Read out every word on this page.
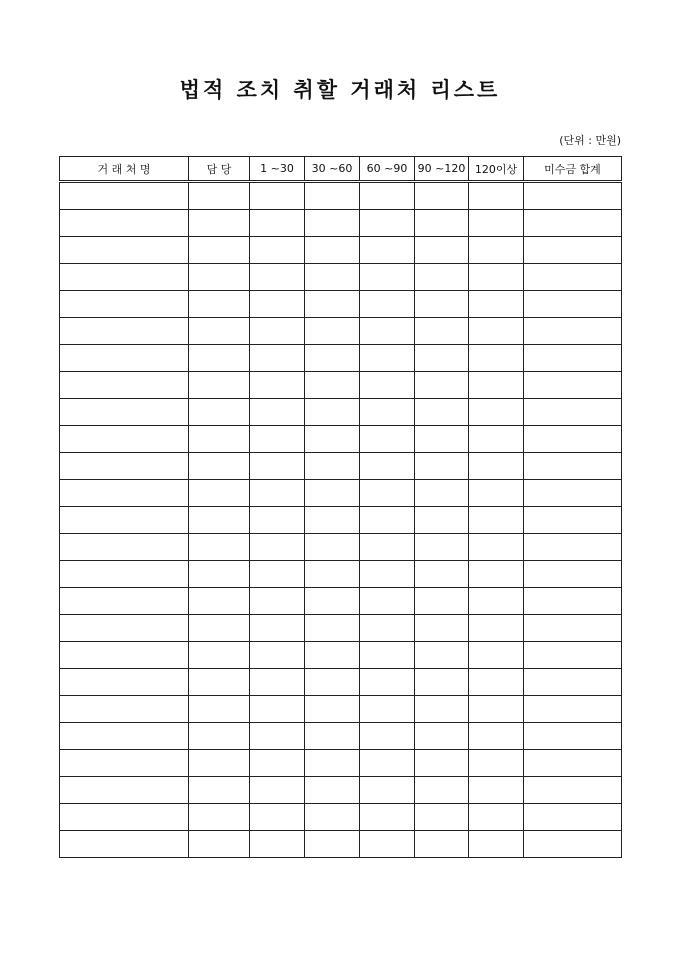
법적 조치 취할 거래처 리스트
(단위 : 만원)
거 래 처 명	담 당	1 ~30	30 ~60	60 ~90	90 ~120	120이상	미수금 합계
